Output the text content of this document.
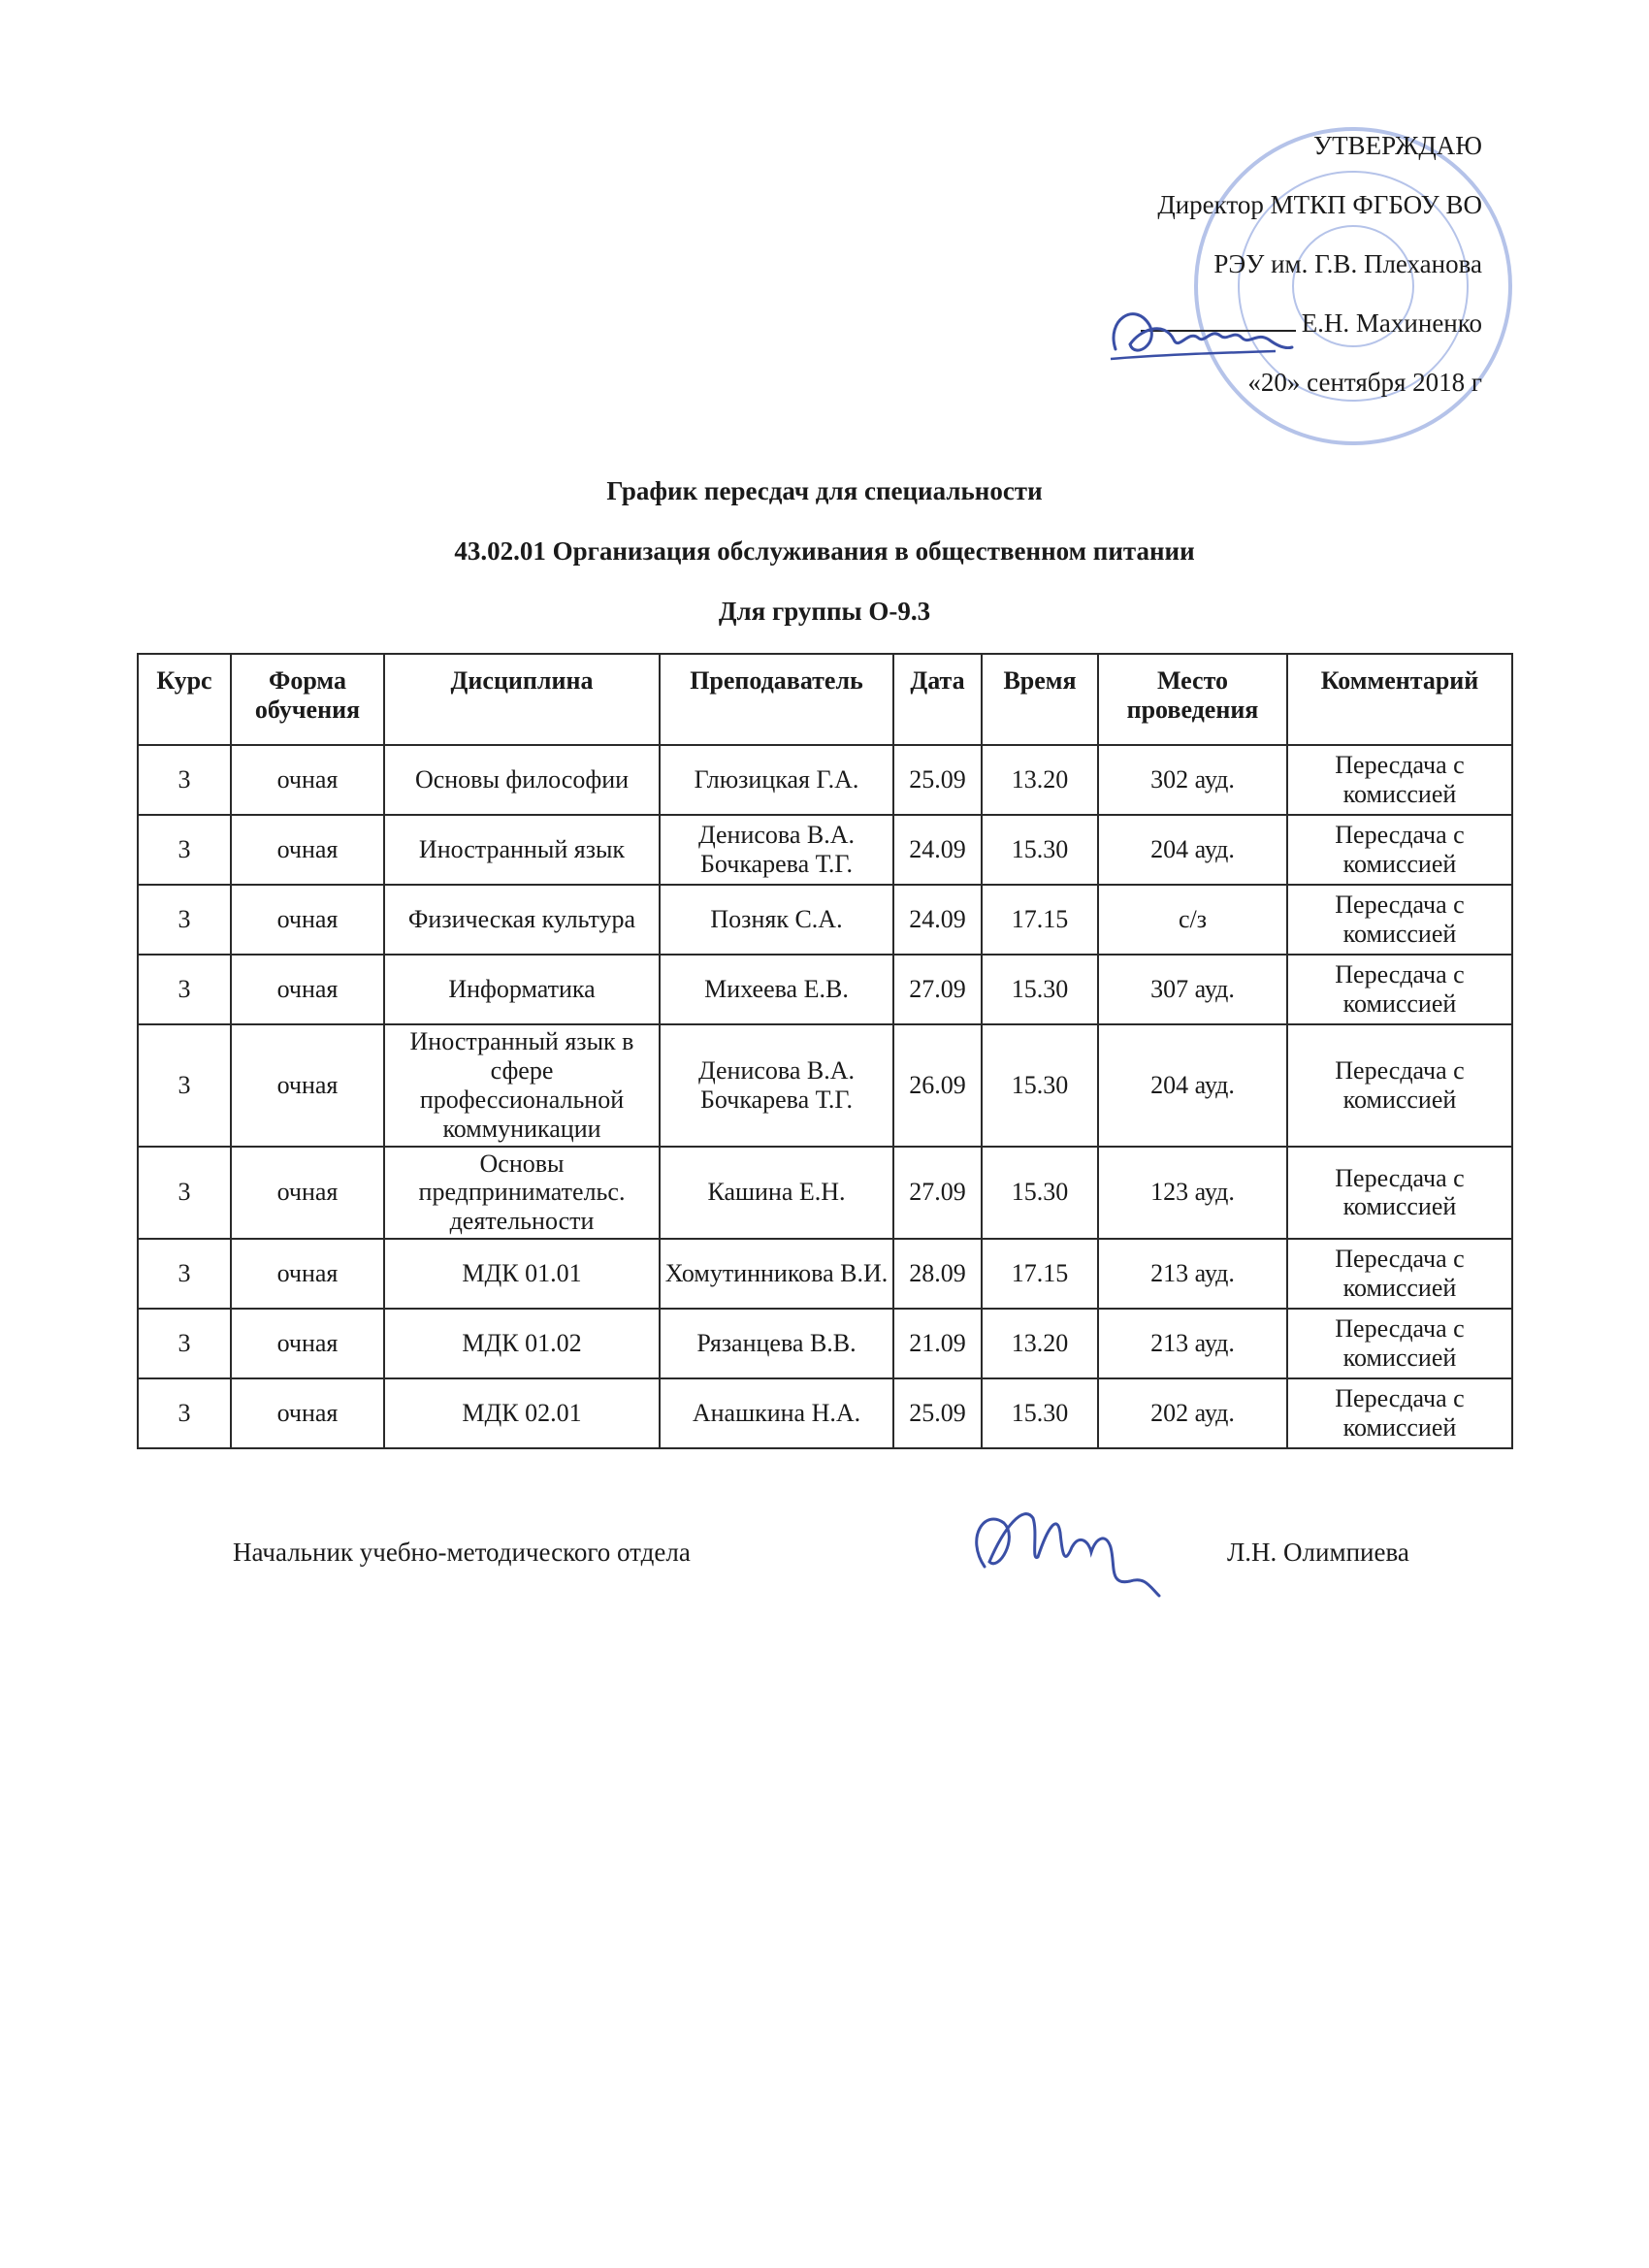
УТВЕРЖДАЮ
Директор МТКП ФГБОУ ВО
РЭУ им. Г.В. Плеханова
Е.Н. Махиненко
«20» сентября 2018 г
График пересдач для специальности
43.02.01 Организация обслуживания в общественном питании
Для группы О-9.3
Курс	Форма обучения	Дисциплина	Преподаватель	Дата	Время	Место проведения	Комментарий
3	очная	Основы философии	Глюзицкая Г.А.	25.09	13.20	302 ауд.	Пересдача с комиссией
3	очная	Иностранный язык	Денисова В.А. Бочкарева Т.Г.	24.09	15.30	204 ауд.	Пересдача с комиссией
3	очная	Физическая культура	Позняк С.А.	24.09	17.15	с/з	Пересдача с комиссией
3	очная	Информатика	Михеева Е.В.	27.09	15.30	307 ауд.	Пересдача с комиссией
3	очная	Иностранный язык в сфере профессиональной коммуникации	Денисова В.А. Бочкарева Т.Г.	26.09	15.30	204 ауд.	Пересдача с комиссией
3	очная	Основы предпринимательс. деятельности	Кашина Е.Н.	27.09	15.30	123 ауд.	Пересдача с комиссией
3	очная	МДК 01.01	Хомутинникова В.И.	28.09	17.15	213 ауд.	Пересдача с комиссией
3	очная	МДК 01.02	Рязанцева В.В.	21.09	13.20	213 ауд.	Пересдача с комиссией
3	очная	МДК 02.01	Анашкина Н.А.	25.09	15.30	202 ауд.	Пересдача с комиссией
Начальник учебно-методического отдела	Л.Н. Олимпиева
